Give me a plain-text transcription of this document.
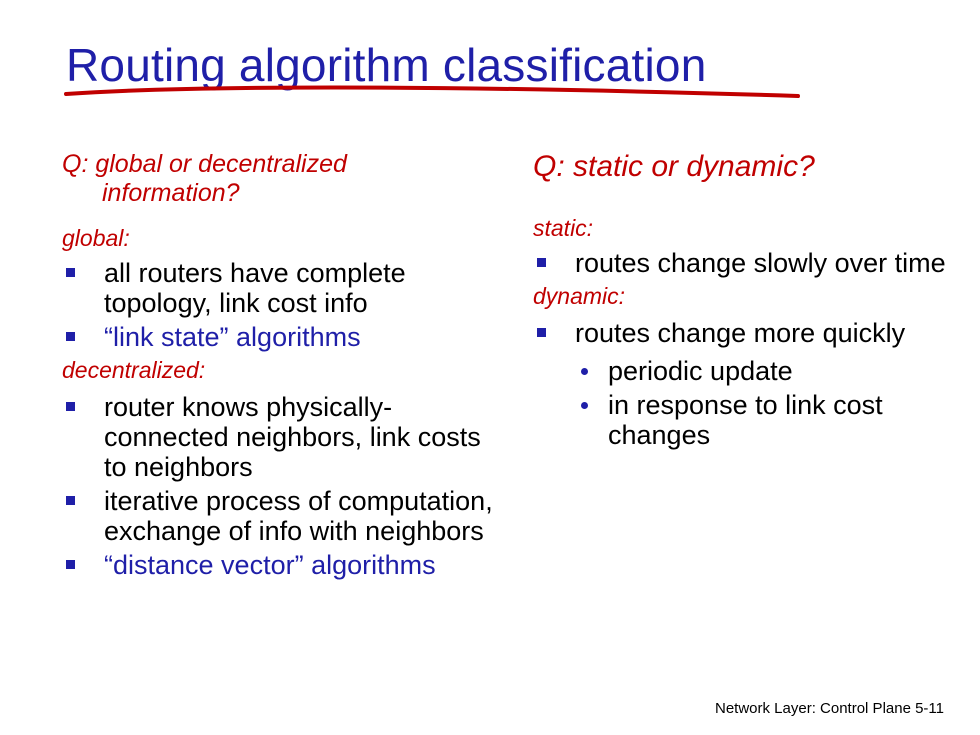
Routing algorithm classification
Q: global or decentralized
information?
global:
all routers have complete topology, link cost info
“link state” algorithms
decentralized:
router knows physically-connected neighbors, link costs to neighbors
iterative process of computation, exchange of info with neighbors
“distance vector” algorithms
Q: static or dynamic?
static:
routes change slowly over time
dynamic:
routes change more quickly
periodic update
in response to link cost changes
Network Layer: Control Plane 5-11
